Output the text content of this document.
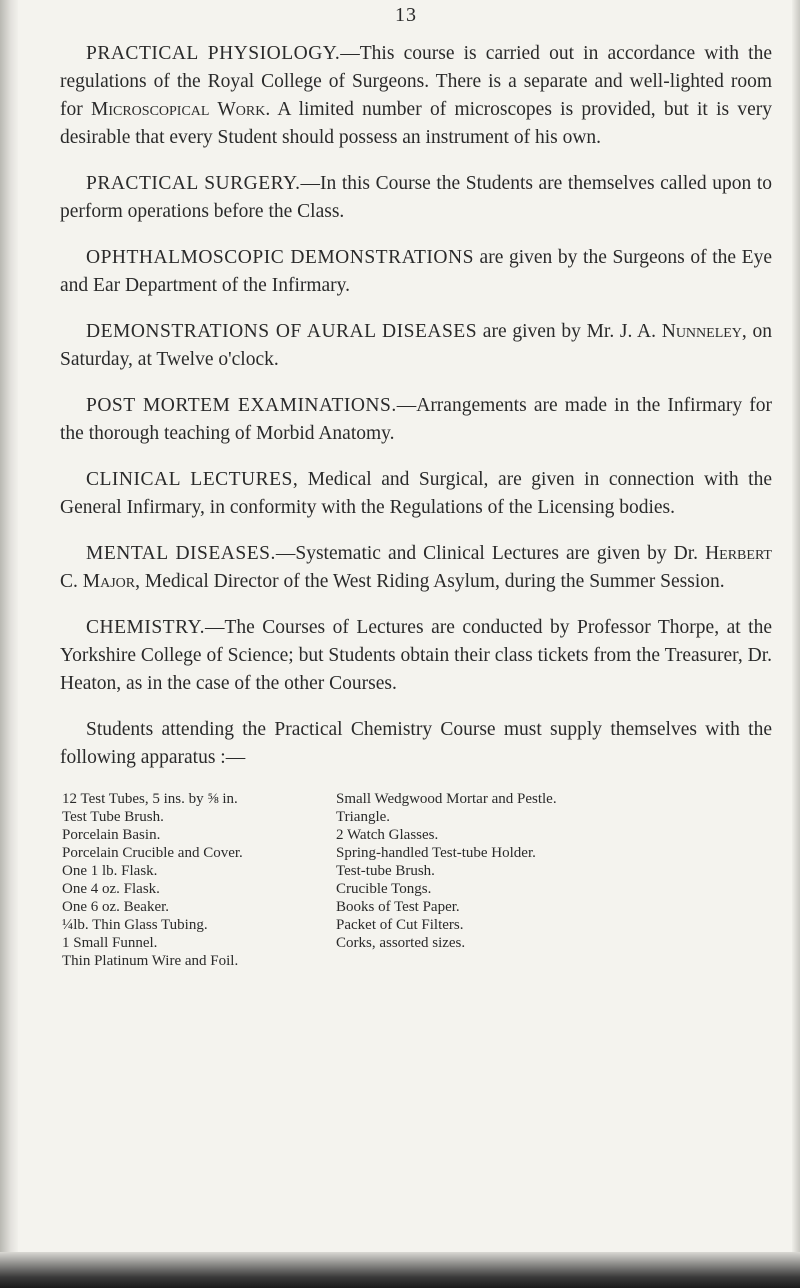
13

PRACTICAL PHYSIOLOGY.—This course is carried out in accordance with the regulations of the Royal College of Surgeons. There is a separate and well-lighted room for Microscopical Work. A limited number of microscopes is provided, but it is very desirable that every Student should possess an instrument of his own.

PRACTICAL SURGERY.—In this Course the Students are themselves called upon to perform operations before the Class.

OPHTHALMOSCOPIC DEMONSTRATIONS are given by the Surgeons of the Eye and Ear Department of the Infirmary.

DEMONSTRATIONS OF AURAL DISEASES are given by Mr. J. A. Nunneley, on Saturday, at Twelve o'clock.

POST MORTEM EXAMINATIONS.—Arrangements are made in the Infirmary for the thorough teaching of Morbid Anatomy.

CLINICAL LECTURES, Medical and Surgical, are given in connection with the General Infirmary, in conformity with the Regulations of the Licensing bodies.

MENTAL DISEASES.—Systematic and Clinical Lectures are given by Dr. Herbert C. Major, Medical Director of the West Riding Asylum, during the Summer Session.

CHEMISTRY.—The Courses of Lectures are conducted by Professor Thorpe, at the Yorkshire College of Science; but Students obtain their class tickets from the Treasurer, Dr. Heaton, as in the case of the other Courses.

Students attending the Practical Chemistry Course must supply themselves with the following apparatus :—

12 Test Tubes, 5 ins. by ⅝ in.
Test Tube Brush.
Porcelain Basin.
Porcelain Crucible and Cover.
One 1 lb. Flask.
One 4 oz. Flask.
One 6 oz. Beaker.
¼lb. Thin Glass Tubing.
1 Small Funnel.
Thin Platinum Wire and Foil.
Small Wedgwood Mortar and Pestle.
Triangle.
2 Watch Glasses.
Spring-handled Test-tube Holder.
Test-tube Brush.
Crucible Tongs.
Books of Test Paper.
Packet of Cut Filters.
Corks, assorted sizes.
